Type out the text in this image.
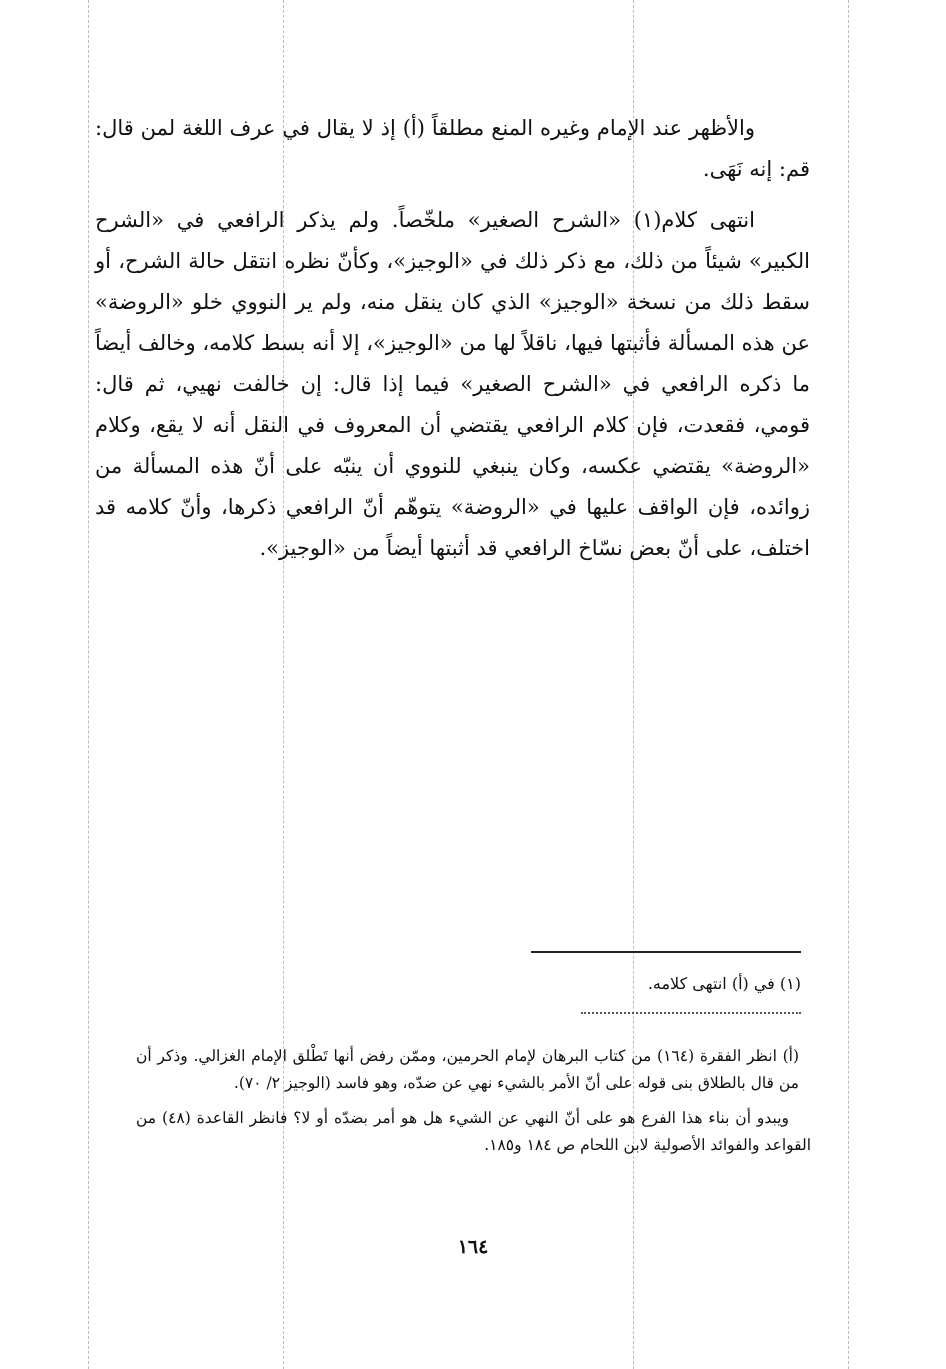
والأظهر عند الإمام وغيره المنع مطلقاً (أ) إذ لا يقال في عرف اللغة لمن قال: قم: إنه نَهَى.

انتهى كلام(١) «الشرح الصغير» ملخّصاً. ولم يذكر الرافعي في «الشرح الكبير» شيئاً من ذلك، مع ذكر ذلك في «الوجيز»، وكأنّ نظره انتقل حالة الشرح، أو سقط ذلك من نسخة «الوجيز» الذي كان ينقل منه، ولم ير النووي خلو «الروضة» عن هذه المسألة فأثبتها فيها، ناقلاً لها من «الوجيز»، إلا أنه بسط كلامه، وخالف أيضاً ما ذكره الرافعي في «الشرح الصغير» فيما إذا قال: إن خالفت نهيي، ثم قال: قومي، فقعدت، فإن كلام الرافعي يقتضي أن المعروف في النقل أنه لا يقع، وكلام «الروضة» يقتضي عكسه، وكان ينبغي للنووي أن ينبّه على أنّ هذه المسألة من زوائده، فإن الواقف عليها في «الروضة» يتوهّم أنّ الرافعي ذكرها، وأنّ كلامه قد اختلف، على أنّ بعض نسّاخ الرافعي قد أثبتها أيضاً من «الوجيز».

(١) في (أ) انتهى كلامه.

(أ) انظر الفقرة (١٦٤) من كتاب البرهان لإمام الحرمين، وممّن رفض أنها تَطْلق الإمام الغزالي. وذكر أن من قال بالطلاق بنى قوله على أنّ الأمر بالشيء نهي عن ضدّه، وهو فاسد (الوجيز ٢/ ٧٠).

ويبدو أن بناء هذا الفرع هو على أنّ النهي عن الشيء هل هو أمر بضدّه أو لا؟ فانظر القاعدة (٤٨) من القواعد والفوائد الأصولية لابن اللحام ص ١٨٤ و١٨٥.

١٦٤
